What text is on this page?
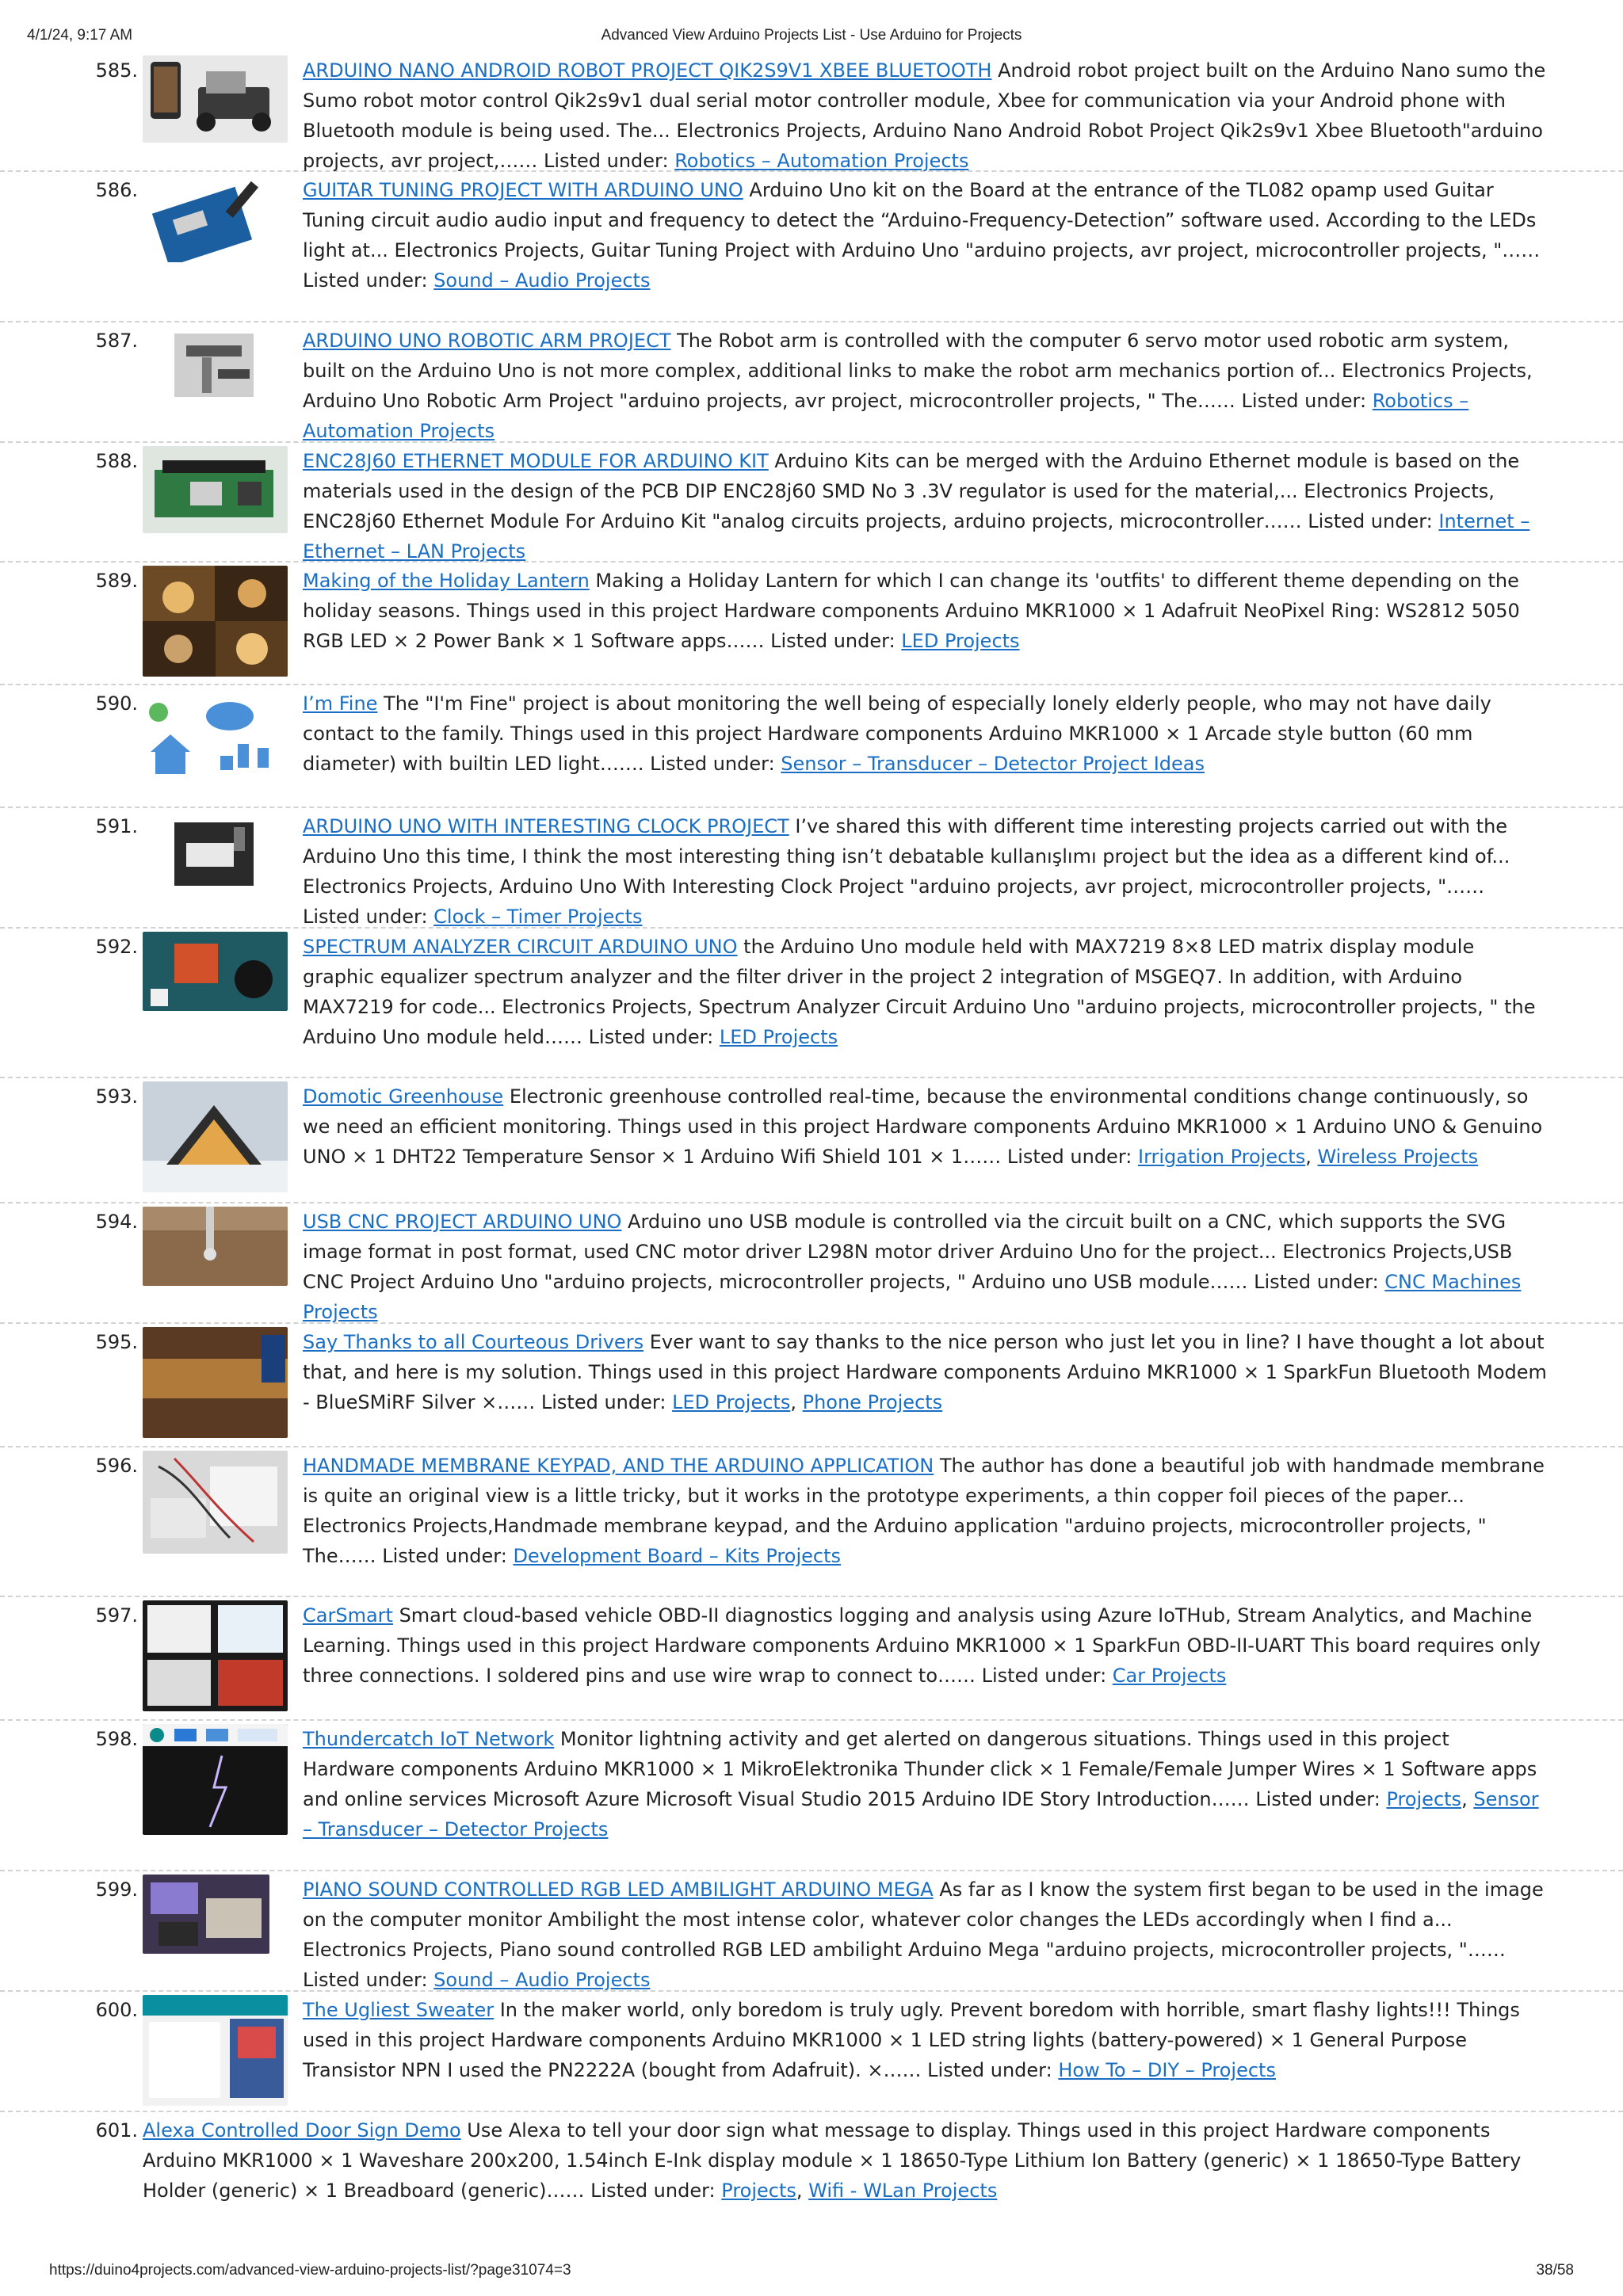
4/1/24, 9:17 AM	Advanced View Arduino Projects List - Use Arduino for Projects
585.	ARDUINO NANO ANDROID ROBOT PROJECT QIK2S9V1 XBEE BLUETOOTH Android robot project built on the Arduino Nano sumo the Sumo robot motor control Qik2s9v1 dual serial motor controller module, Xbee for communication via your Android phone with Bluetooth module is being used. The... Electronics Projects, Arduino Nano Android Robot Project Qik2s9v1 Xbee Bluetooth"arduino projects, avr project,…… Listed under: Robotics – Automation Projects
586.	GUITAR TUNING PROJECT WITH ARDUINO UNO Arduino Uno kit on the Board at the entrance of the TL082 opamp used Guitar Tuning circuit audio audio input and frequency to detect the “Arduino-Frequency-Detection” software used. According to the LEDs light at... Electronics Projects, Guitar Tuning Project with Arduino Uno "arduino projects, avr project, microcontroller projects, "…… Listed under: Sound – Audio Projects
587.	ARDUINO UNO ROBOTIC ARM PROJECT The Robot arm is controlled with the computer 6 servo motor used robotic arm system, built on the Arduino Uno is not more complex, additional links to make the robot arm mechanics portion of... Electronics Projects, Arduino Uno Robotic Arm Project "arduino projects, avr project, microcontroller projects, " The…… Listed under: Robotics – Automation Projects
588.	ENC28J60 ETHERNET MODULE FOR ARDUINO KIT Arduino Kits can be merged with the Arduino Ethernet module is based on the materials used in the design of the PCB DIP ENC28j60 SMD No 3 .3V regulator is used for the material,... Electronics Projects, ENC28j60 Ethernet Module For Arduino Kit "analog circuits projects, arduino projects, microcontroller…… Listed under: Internet – Ethernet – LAN Projects
589.	Making of the Holiday Lantern Making a Holiday Lantern for which I can change its 'outfits' to different theme depending on the holiday seasons. Things used in this project Hardware components Arduino MKR1000 × 1 Adafruit NeoPixel Ring: WS2812 5050 RGB LED × 2 Power Bank × 1 Software apps…… Listed under: LED Projects
590.	I’m Fine The "I'm Fine" project is about monitoring the well being of especially lonely elderly people, who may not have daily contact to the family. Things used in this project Hardware components Arduino MKR1000 × 1 Arcade style button (60 mm diameter) with builtin LED light……. Listed under: Sensor – Transducer – Detector Project Ideas
591.	ARDUINO UNO WITH INTERESTING CLOCK PROJECT I’ve shared this with different time interesting projects carried out with the Arduino Uno this time, I think the most interesting thing isn’t debatable kullanışlımı project but the idea as a different kind of... Electronics Projects, Arduino Uno With Interesting Clock Project "arduino projects, avr project, microcontroller projects, "…… Listed under: Clock – Timer Projects
592.	SPECTRUM ANALYZER CIRCUIT ARDUINO UNO the Arduino Uno module held with MAX7219 8×8 LED matrix display module graphic equalizer spectrum analyzer and the filter driver in the project 2 integration of MSGEQ7. In addition, with Arduino MAX7219 for code... Electronics Projects, Spectrum Analyzer Circuit Arduino Uno "arduino projects, microcontroller projects, " the Arduino Uno module held…… Listed under: LED Projects
593.	Domotic Greenhouse Electronic greenhouse controlled real-time, because the environmental conditions change continuously, so we need an efficient monitoring. Things used in this project Hardware components Arduino MKR1000 × 1 Arduino UNO & Genuino UNO × 1 DHT22 Temperature Sensor × 1 Arduino Wifi Shield 101 × 1…… Listed under: Irrigation Projects, Wireless Projects
594.	USB CNC PROJECT ARDUINO UNO Arduino uno USB module is controlled via the circuit built on a CNC, which supports the SVG image format in post format, used CNC motor driver L298N motor driver Arduino Uno for the project... Electronics Projects,USB CNC Project Arduino Uno "arduino projects, microcontroller projects, " Arduino uno USB module…… Listed under: CNC Machines Projects
595.	Say Thanks to all Courteous Drivers Ever want to say thanks to the nice person who just let you in line? I have thought a lot about that, and here is my solution. Things used in this project Hardware components Arduino MKR1000 × 1 SparkFun Bluetooth Modem - BlueSMiRF Silver ×…… Listed under: LED Projects, Phone Projects
596.	HANDMADE MEMBRANE KEYPAD, AND THE ARDUINO APPLICATION The author has done a beautiful job with handmade membrane is quite an original view is a little tricky, but it works in the prototype experiments, a thin copper foil pieces of the paper... Electronics Projects,Handmade membrane keypad, and the Arduino application "arduino projects, microcontroller projects, " The…… Listed under: Development Board – Kits Projects
597.	CarSmart Smart cloud-based vehicle OBD-II diagnostics logging and analysis using Azure IoTHub, Stream Analytics, and Machine Learning. Things used in this project Hardware components Arduino MKR1000 × 1 SparkFun OBD-II-UART This board requires only three connections. I soldered pins and use wire wrap to connect to…… Listed under: Car Projects
598.	Thundercatch IoT Network Monitor lightning activity and get alerted on dangerous situations. Things used in this project Hardware components Arduino MKR1000 × 1 MikroElektronika Thunder click × 1 Female/Female Jumper Wires × 1 Software apps and online services Microsoft Azure Microsoft Visual Studio 2015 Arduino IDE Story Introduction…… Listed under: Projects, Sensor – Transducer – Detector Projects
599.	PIANO SOUND CONTROLLED RGB LED AMBILIGHT ARDUINO MEGA As far as I know the system first began to be used in the image on the computer monitor Ambilight the most intense color, whatever color changes the LEDs accordingly when I find a... Electronics Projects, Piano sound controlled RGB LED ambilight Arduino Mega "arduino projects, microcontroller projects, "…… Listed under: Sound – Audio Projects
600.	The Ugliest Sweater In the maker world, only boredom is truly ugly. Prevent boredom with horrible, smart flashy lights!!! Things used in this project Hardware components Arduino MKR1000 × 1 LED string lights (battery-powered) × 1 General Purpose Transistor NPN I used the PN2222A (bought from Adafruit). ×…… Listed under: How To – DIY – Projects
601. Alexa Controlled Door Sign Demo Use Alexa to tell your door sign what message to display. Things used in this project Hardware components Arduino MKR1000 × 1 Waveshare 200x200, 1.54inch E-Ink display module × 1 18650-Type Lithium Ion Battery (generic) × 1 18650-Type Battery Holder (generic) × 1 Breadboard (generic)…… Listed under: Projects, Wifi - WLan Projects
https://duino4projects.com/advanced-view-arduino-projects-list/?page31074=3	38/58
